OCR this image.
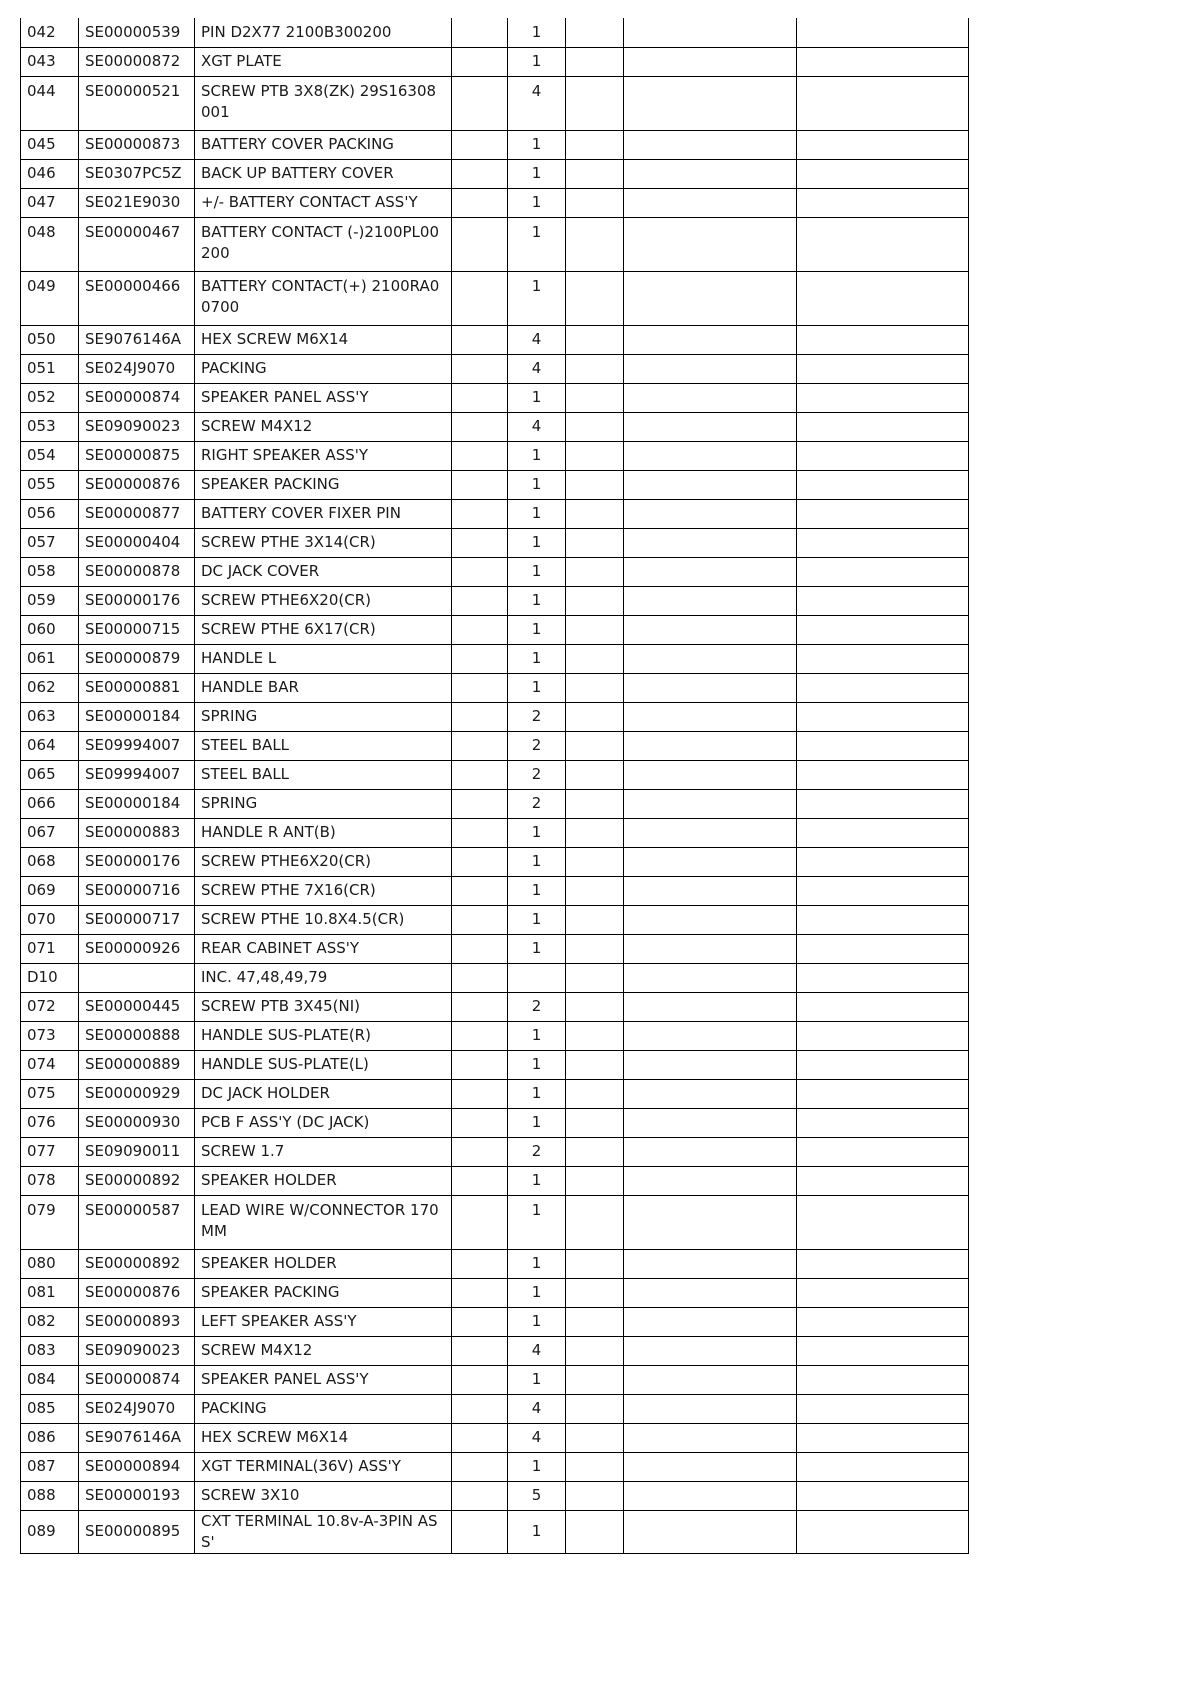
042	SE00000539	PIN D2X77 2100B300200		1			
043	SE00000872	XGT PLATE		1			
044	SE00000521	SCREW PTB 3X8(ZK) 29S16308001		4			
045	SE00000873	BATTERY COVER PACKING		1			
046	SE0307PC5Z	BACK UP BATTERY COVER		1			
047	SE021E9030	+/- BATTERY CONTACT ASS'Y		1			
048	SE00000467	BATTERY CONTACT (-)2100PL00200		1			
049	SE00000466	BATTERY CONTACT(+) 2100RA00700		1			
050	SE9076146A	HEX SCREW M6X14		4			
051	SE024J9070	PACKING		4			
052	SE00000874	SPEAKER PANEL ASS'Y		1			
053	SE09090023	SCREW M4X12		4			
054	SE00000875	RIGHT SPEAKER ASS'Y		1			
055	SE00000876	SPEAKER PACKING		1			
056	SE00000877	BATTERY COVER FIXER PIN		1			
057	SE00000404	SCREW PTHE 3X14(CR)		1			
058	SE00000878	DC JACK COVER		1			
059	SE00000176	SCREW PTHE6X20(CR)		1			
060	SE00000715	SCREW PTHE 6X17(CR)		1			
061	SE00000879	HANDLE L		1			
062	SE00000881	HANDLE BAR		1			
063	SE00000184	SPRING		2			
064	SE09994007	STEEL BALL		2			
065	SE09994007	STEEL BALL		2			
066	SE00000184	SPRING		2			
067	SE00000883	HANDLE R ANT(B)		1			
068	SE00000176	SCREW PTHE6X20(CR)		1			
069	SE00000716	SCREW PTHE 7X16(CR)		1			
070	SE00000717	SCREW PTHE 10.8X4.5(CR)		1			
071	SE00000926	REAR CABINET ASS'Y		1			
D10		INC. 47,48,49,79					
072	SE00000445	SCREW PTB 3X45(NI)		2			
073	SE00000888	HANDLE SUS-PLATE(R)		1			
074	SE00000889	HANDLE SUS-PLATE(L)		1			
075	SE00000929	DC JACK HOLDER		1			
076	SE00000930	PCB F ASS'Y (DC JACK)		1			
077	SE09090011	SCREW 1.7		2			
078	SE00000892	SPEAKER HOLDER		1			
079	SE00000587	LEAD WIRE W/CONNECTOR 170 MM		1			
080	SE00000892	SPEAKER HOLDER		1			
081	SE00000876	SPEAKER PACKING		1			
082	SE00000893	LEFT SPEAKER ASS'Y		1			
083	SE09090023	SCREW M4X12		4			
084	SE00000874	SPEAKER PANEL ASS'Y		1			
085	SE024J9070	PACKING		4			
086	SE9076146A	HEX SCREW M6X14		4			
087	SE00000894	XGT TERMINAL(36V) ASS'Y		1			
088	SE00000193	SCREW 3X10		5			
089	SE00000895	CXT TERMINAL 10.8v-A-3PIN ASS'		1			
